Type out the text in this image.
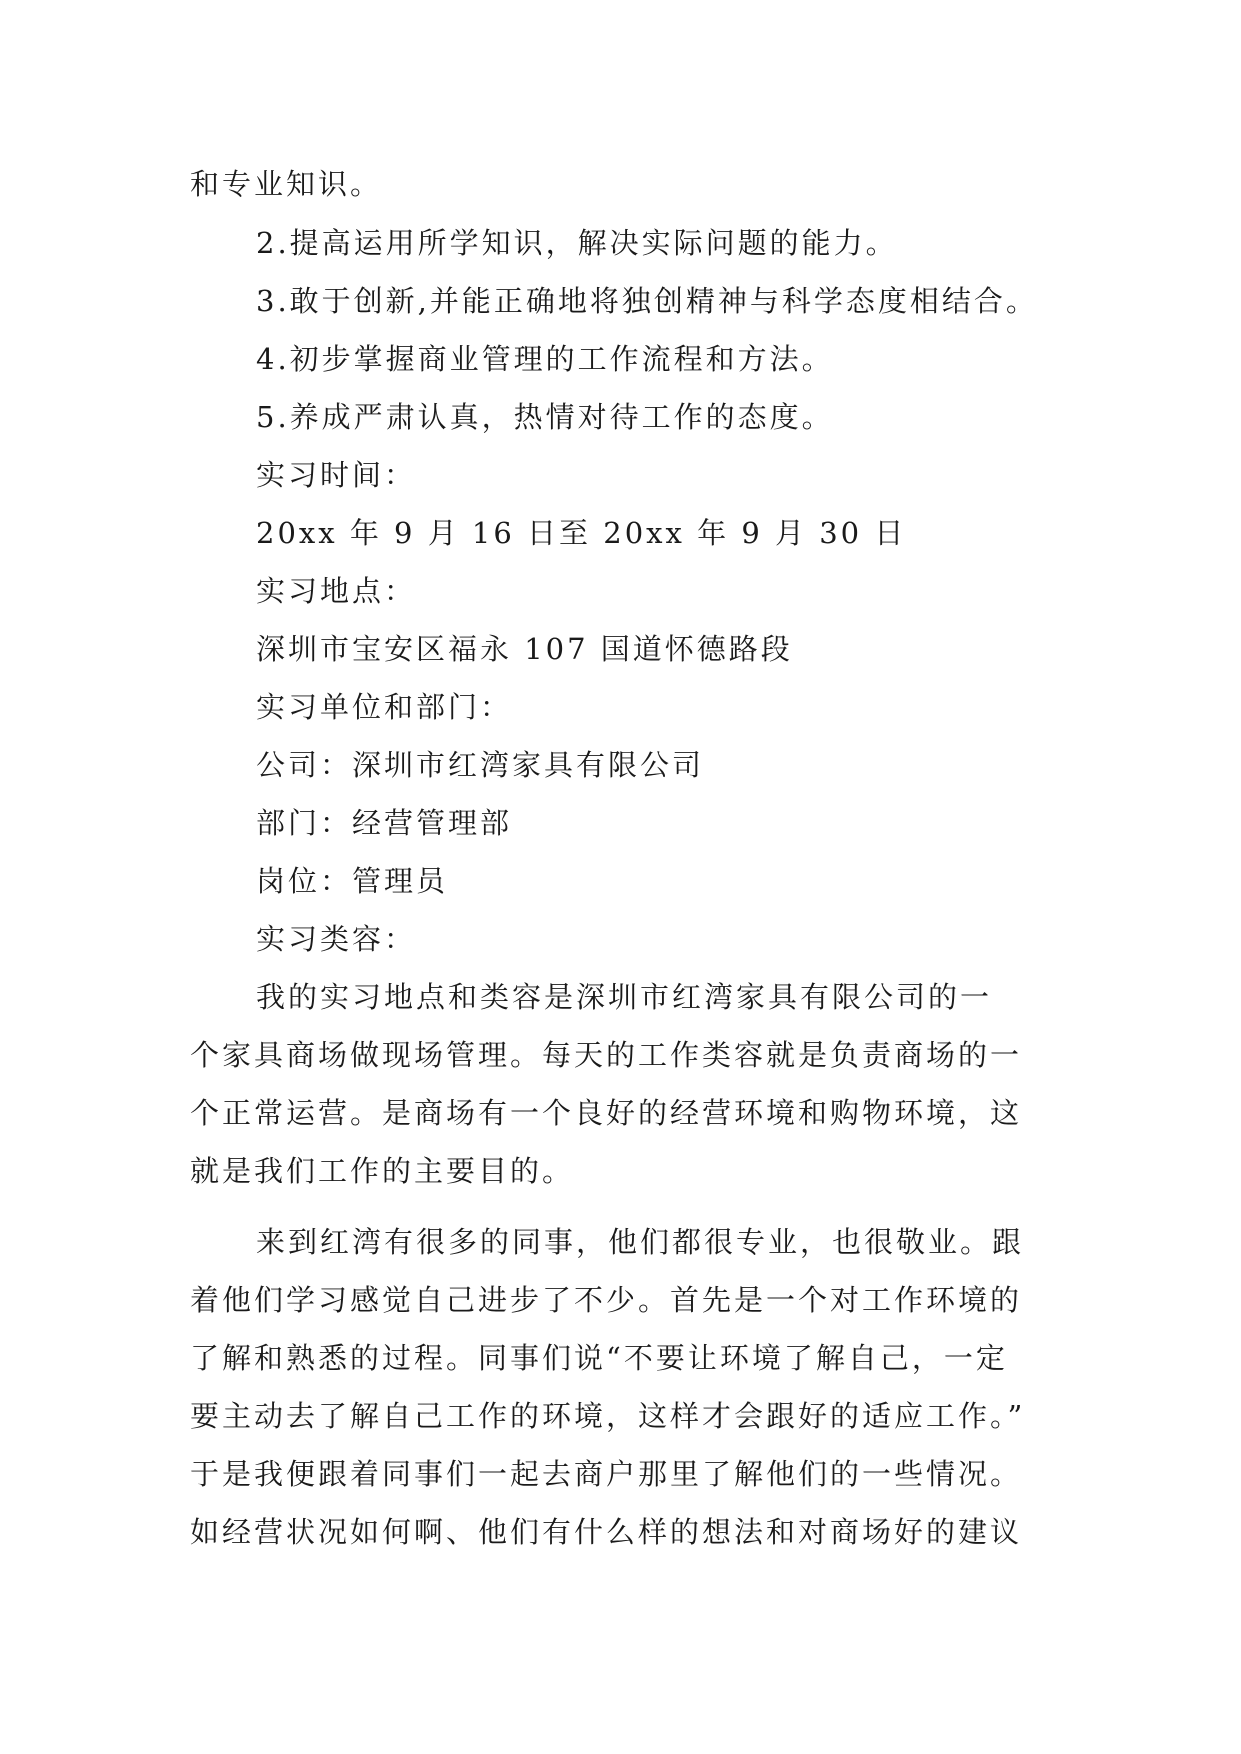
和专业知识。

2.提高运用所学知识，解决实际问题的能力。

3.敢于创新,并能正确地将独创精神与科学态度相结合。

4.初步掌握商业管理的工作流程和方法。

5.养成严肃认真，热情对待工作的态度。

实习时间：

20xx 年 9 月 16 日至 20xx 年 9 月 30 日

实习地点：

深圳市宝安区福永 107 国道怀德路段

实习单位和部门：

公司：深圳市红湾家具有限公司

部门：经营管理部

岗位：管理员

实习类容：

我的实习地点和类容是深圳市红湾家具有限公司的一

个家具商场做现场管理。每天的工作类容就是负责商场的一

个正常运营。是商场有一个良好的经营环境和购物环境，这

就是我们工作的主要目的。

来到红湾有很多的同事，他们都很专业，也很敬业。跟

着他们学习感觉自己进步了不少。首先是一个对工作环境的

了解和熟悉的过程。同事们说“不要让环境了解自己，一定

要主动去了解自己工作的环境，这样才会跟好的适应工作。”

于是我便跟着同事们一起去商户那里了解他们的一些情况。

如经营状况如何啊、他们有什么样的想法和对商场好的建议
